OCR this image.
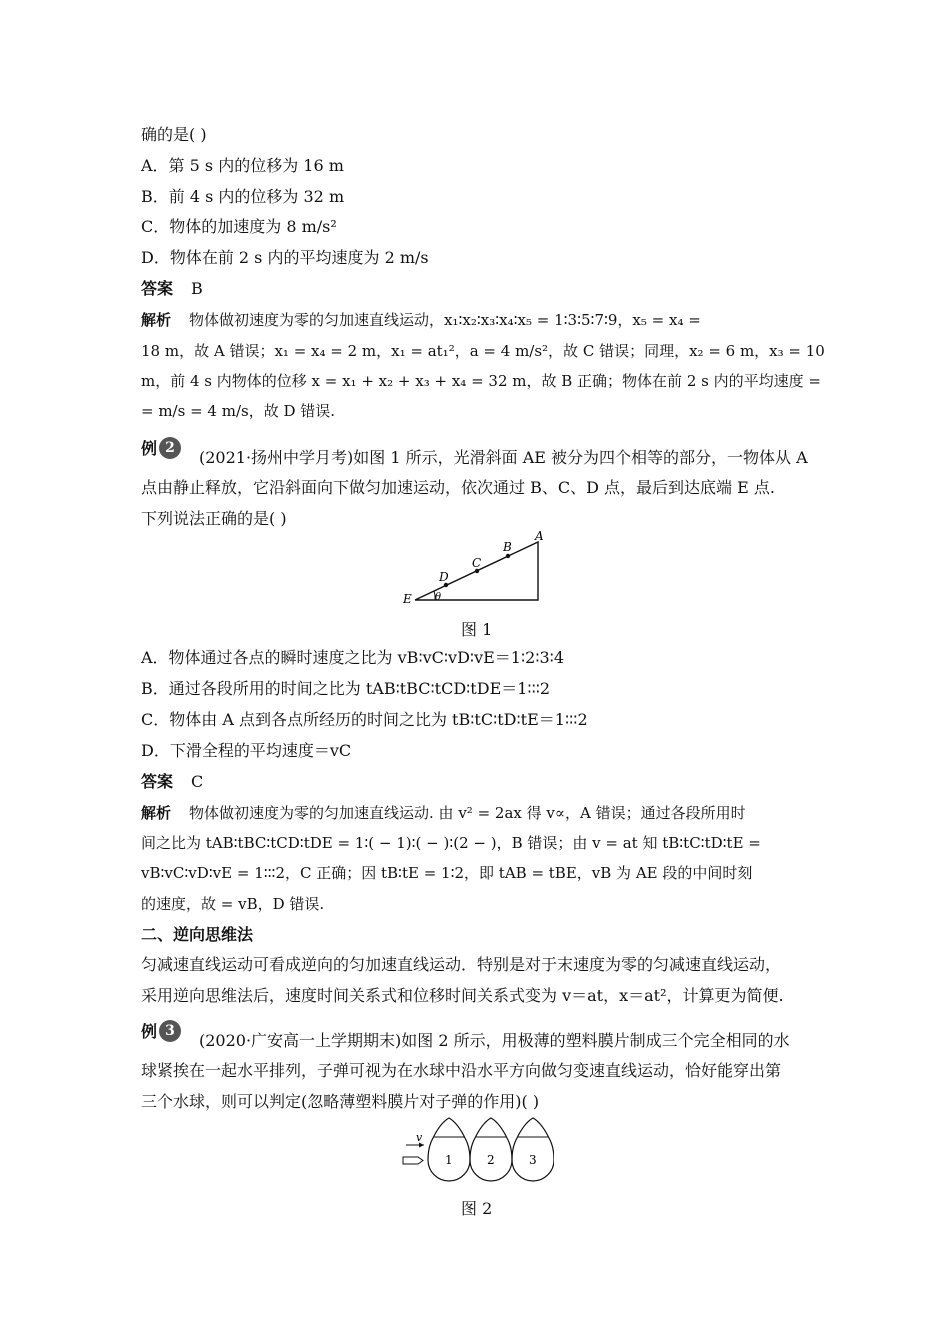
确的是( )
A．第 5 s 内的位移为 16 m
B．前 4 s 内的位移为 32 m
C．物体的加速度为 8 m/s²
D．物体在前 2 s 内的平均速度为 2 m/s
答案 B
解析 物体做初速度为零的匀加速直线运动，x₁∶x₂∶x₃∶x₄∶x₅ = 1∶3∶5∶7∶9，x₅ = x₄ =
18 m，故 A 错误；x₁ = x₄ = 2 m，x₁ = at₁²，a = 4 m/s²，故 C 错误；同理，x₂ = 6 m，x₃ = 10
m，前 4 s 内物体的位移 x = x₁ + x₂ + x₃ + x₄ = 32 m，故 B 正确；物体在前 2 s 内的平均速度 =
= m/s = 4 m/s，故 D 错误.
例 2
(2021·扬州中学月考)如图 1 所示，光滑斜面 AE 被分为四个相等的部分，一物体从 A
点由静止释放，它沿斜面向下做匀加速运动，依次通过 B、C、D 点，最后到达底端 E 点.
下列说法正确的是( )
A
B
C
D
E θ
图 1
A．物体通过各点的瞬时速度之比为 vB∶vC∶vD∶vE＝1∶2∶3∶4
B．通过各段所用的时间之比为 tAB∶tBC∶tCD∶tDE＝1∶∶∶2
C．物体由 A 点到各点所经历的时间之比为 tB∶tC∶tD∶tE＝1∶∶∶2
D．下滑全程的平均速度＝vC
答案 C
解析 物体做初速度为零的匀加速直线运动. 由 v² = 2ax 得 v∝，A 错误；通过各段所用时
间之比为 tAB∶tBC∶tCD∶tDE = 1∶( − 1)∶( − )∶(2 − )，B 错误；由 v = at 知 tB∶tC∶tD∶tE =
vB∶vC∶vD∶vE = 1∶∶∶2，C 正确；因 tB∶tE = 1∶2，即 tAB = tBE，vB 为 AE 段的中间时刻
的速度，故 = vB，D 错误.
二、逆向思维法
匀减速直线运动可看成逆向的匀加速直线运动．特别是对于末速度为零的匀减速直线运动，
采用逆向思维法后，速度时间关系式和位移时间关系式变为 v＝at，x＝at²，计算更为简便.
例 3
(2020·广安高一上学期期末)如图 2 所示，用极薄的塑料膜片制成三个完全相同的水
球紧挨在一起水平排列，子弹可视为在水球中沿水平方向做匀变速直线运动，恰好能穿出第
三个水球，则可以判定(忽略薄塑料膜片对子弹的作用)( )
v
1	2	3
图 2
